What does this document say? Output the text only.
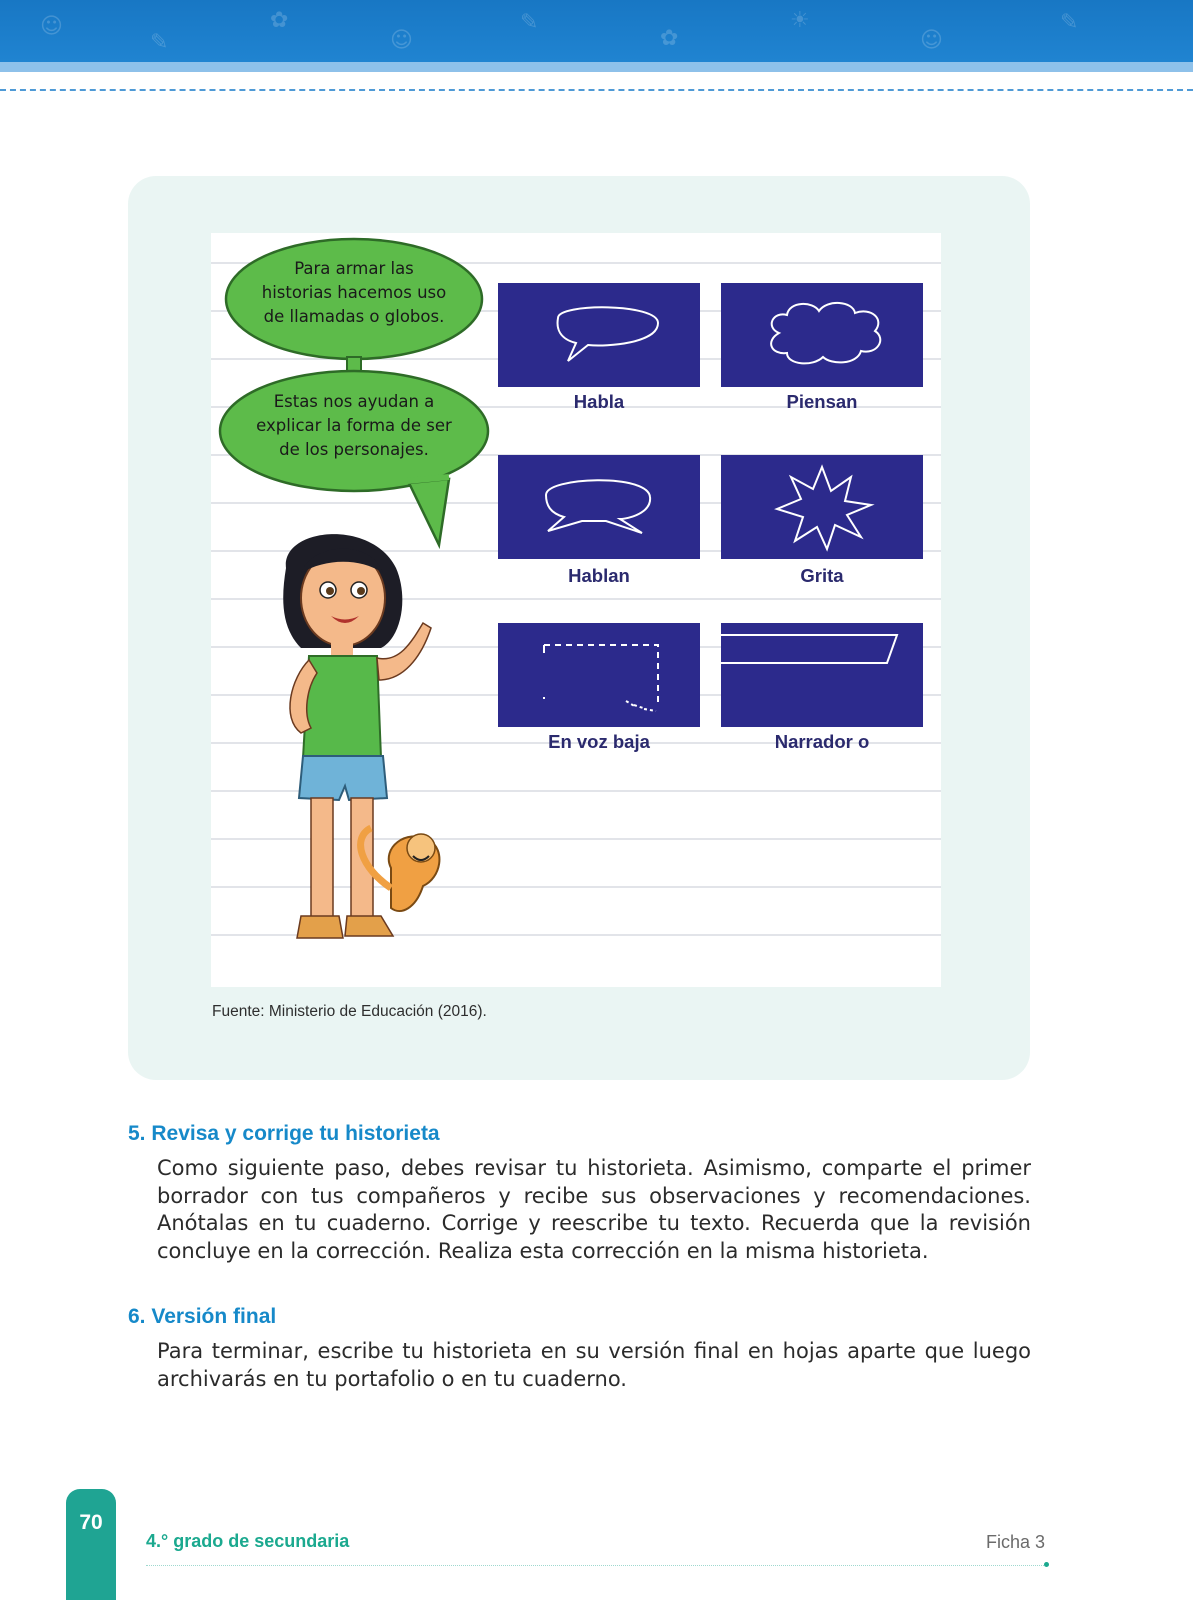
☺
✎
✿
☺
✎
✿
☀
☺
✎
Para armar las
historias hacemos uso
de llamadas o globos.
Estas nos ayudan a
explicar la forma de ser
de los personajes.
Habla	Piensan
Hablan	Grita
En voz baja	Narrador o
Fuente: Ministerio de Educación (2016).
5. Revisa y corrige tu historieta
Como siguiente paso, debes revisar tu historieta. Asimismo, comparte el primer borrador con tus compañeros y recibe sus observaciones y recomendaciones. Anótalas en tu cuaderno. Corrige y reescribe tu texto. Recuerda que la revisión concluye en la corrección. Realiza esta corrección en la misma historieta.
6. Versión final
Para terminar, escribe tu historieta en su versión final en hojas aparte que luego archivarás en tu portafolio o en tu cuaderno.
70
4.° grado de secundaria	Ficha 3
